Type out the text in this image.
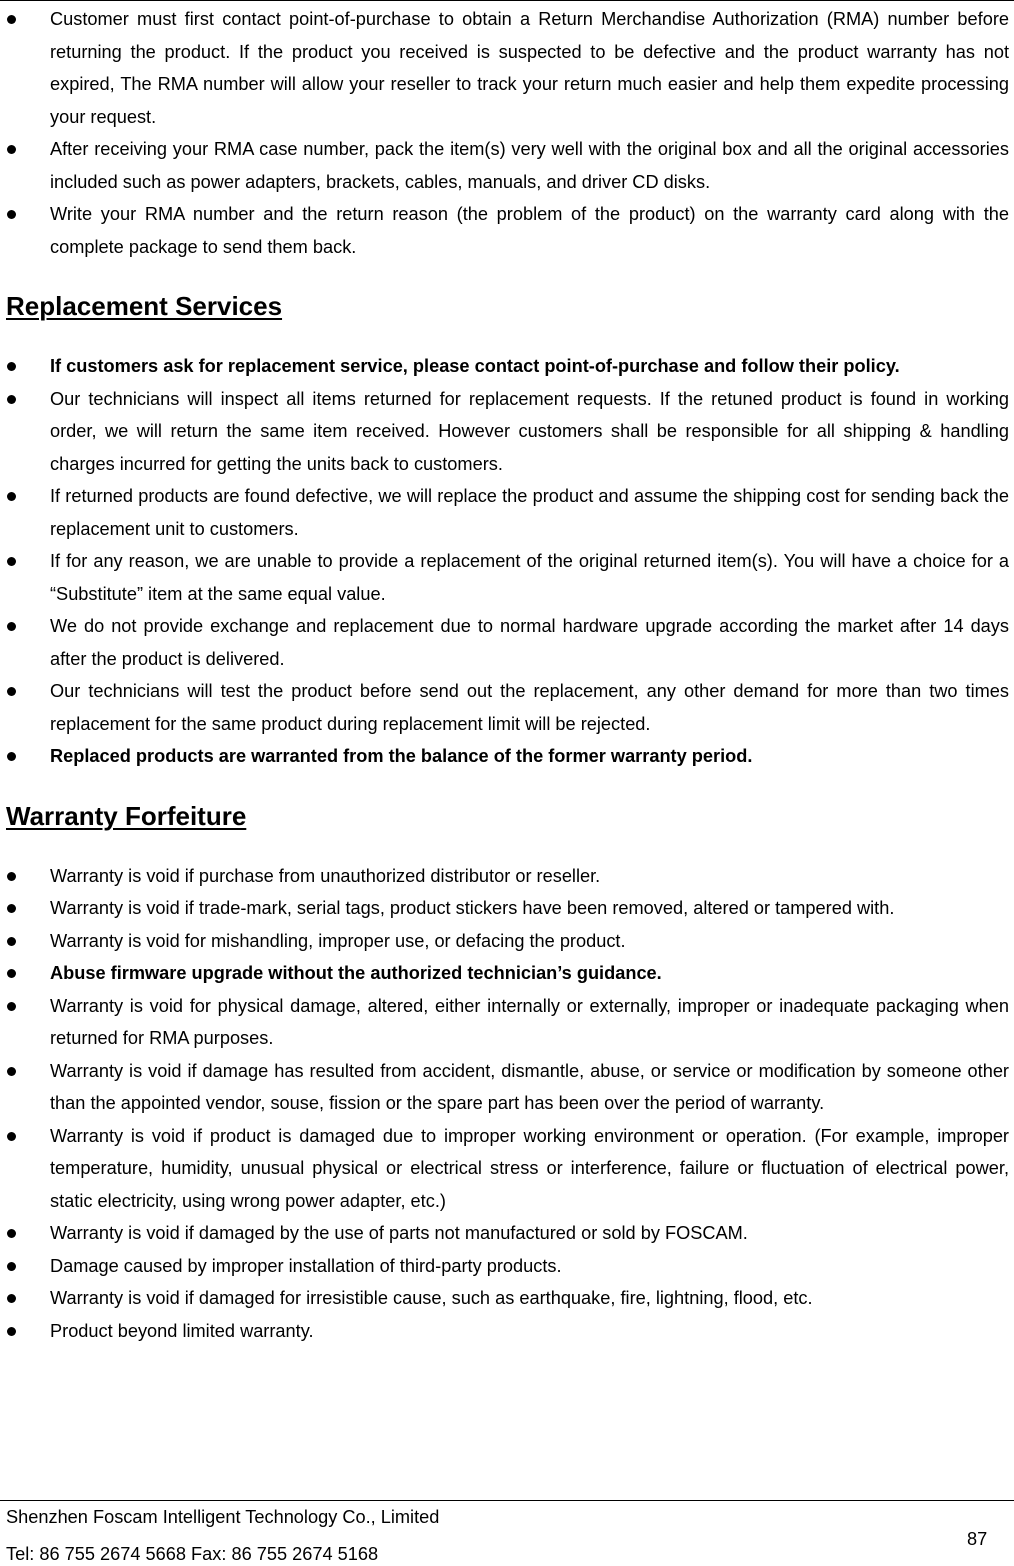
Customer must first contact point-of-purchase to obtain a Return Merchandise Authorization (RMA) number before returning the product. If the product you received is suspected to be defective and the product warranty has not expired, The RMA number will allow your reseller to track your return much easier and help them expedite processing your request.
After receiving your RMA case number, pack the item(s) very well with the original box and all the original accessories included such as power adapters, brackets, cables, manuals, and driver CD disks.
Write your RMA number and the return reason (the problem of the product) on the warranty card along with the complete package to send them back.
Replacement Services
If customers ask for replacement service, please contact point-of-purchase and follow their policy.
Our technicians will inspect all items returned for replacement requests. If the retuned product is found in working order, we will return the same item received. However customers shall be responsible for all shipping & handling charges incurred for getting the units back to customers.
If returned products are found defective, we will replace the product and assume the shipping cost for sending back the replacement unit to customers.
If for any reason, we are unable to provide a replacement of the original returned item(s). You will have a choice for a “Substitute” item at the same equal value.
We do not provide exchange and replacement due to normal hardware upgrade according the market after 14 days after the product is delivered.
Our technicians will test the product before send out the replacement, any other demand for more than two times replacement for the same product during replacement limit will be rejected.
Replaced products are warranted from the balance of the former warranty period.
Warranty Forfeiture
Warranty is void if purchase from unauthorized distributor or reseller.
Warranty is void if trade-mark, serial tags, product stickers have been removed, altered or tampered with.
Warranty is void for mishandling, improper use, or defacing the product.
Abuse firmware upgrade without the authorized technician’s guidance.
Warranty is void for physical damage, altered, either internally or externally, improper or inadequate packaging when returned for RMA purposes.
Warranty is void if damage has resulted from accident, dismantle, abuse, or service or modification by someone other than the appointed vendor, souse, fission or the spare part has been over the period of warranty.
Warranty is void if product is damaged due to improper working environment or operation. (For example, improper temperature, humidity, unusual physical or electrical stress or interference, failure or fluctuation of electrical power, static electricity, using wrong power adapter, etc.)
Warranty is void if damaged by the use of parts not manufactured or sold by FOSCAM.
Damage caused by improper installation of third-party products.
Warranty is void if damaged for irresistible cause, such as earthquake, fire, lightning, flood, etc.
Product beyond limited warranty.
Shenzhen Foscam Intelligent Technology Co., Limited
Tel: 86 755 2674 5668 Fax: 86 755 2674 5168
87
